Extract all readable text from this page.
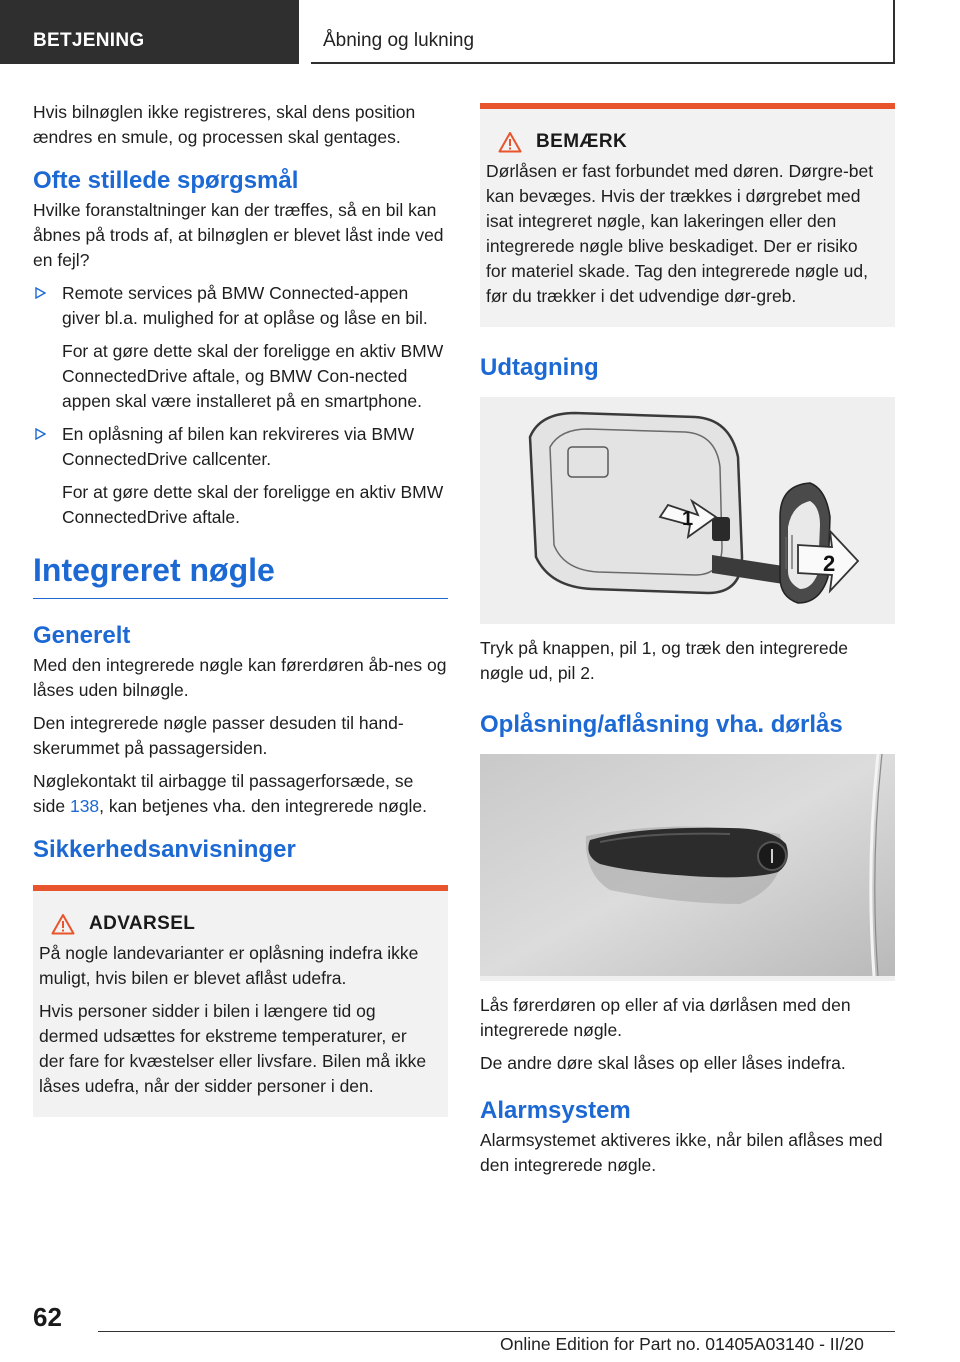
BETJENING	Åbning og lukning

Hvis bilnøglen ikke registreres, skal dens position ændres en smule, og processen skal gentages.

Ofte stillede spørgsmål

Hvilke foranstaltninger kan der træffes, så en bil kan åbnes på trods af, at bilnøglen er blevet låst inde ved en fejl?

Remote services på BMW Connected-appen giver bl.a. mulighed for at oplåse og låse en bil.

For at gøre dette skal der foreligge en aktiv BMW ConnectedDrive aftale, og BMW Con-nected appen skal være installeret på en smartphone.

En oplåsning af bilen kan rekvireres via BMW ConnectedDrive callcenter.

For at gøre dette skal der foreligge en aktiv BMW ConnectedDrive aftale.

Integreret nøgle
Generelt

Med den integrerede nøgle kan førerdøren åb-nes og låses uden bilnøgle.

Den integrerede nøgle passer desuden til hand-skerummet på passagersiden.

Nøglekontakt til airbagge til passagerforsæde, se side 138, kan betjenes vha. den integrerede nøgle.

Sikkerhedsanvisninger
ADVARSEL

På nogle landevarianter er oplåsning indefra ikke muligt, hvis bilen er blevet aflåst udefra.

Hvis personer sidder i bilen i længere tid og dermed udsættes for ekstreme temperaturer, er der fare for kvæstelser eller livsfare. Bilen må ikke låses udefra, når der sidder personer i den.

BEMÆRK

Dørlåsen er fast forbundet med døren. Dørgre-bet kan bevæges. Hvis der trækkes i dørgrebet med isat integreret nøgle, kan lakeringen eller den integrerede nøgle blive beskadiget. Der er risiko for materiel skade. Tag den integrerede nøgle ud, før du trækker i det udvendige dør-greb.

Udtagning
1
2

Tryk på knappen, pil 1, og træk den integrerede nøgle ud, pil 2.

Oplåsning/aflåsning vha. dørlås

Lås førerdøren op eller af via dørlåsen med den integrerede nøgle.

De andre døre skal låses op eller låses indefra.

Alarmsystem

Alarmsystemet aktiveres ikke, når bilen aflåses med den integrerede nøgle.

62
Online Edition for Part no. 01405A03140 - II/20
